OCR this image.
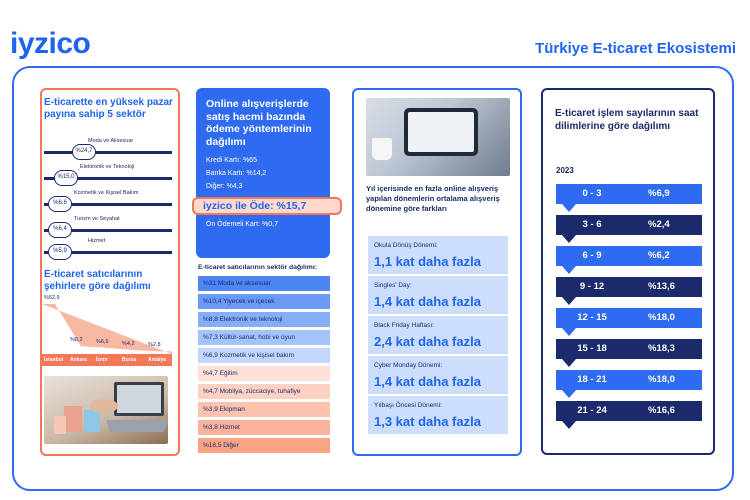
iyzico	Türkiye E-ticaret Ekosistemi
E-ticarette en yüksek pazar payına sahip 5 sektör
Moda ve Aksesuar
%24,7
Elektronik ve Teknoloji
%15,0
Kozmetik ve Kişisel Bakım
%6,6
Turizm ve Seyahat
%6,4
Hizmet
%5,9
E-ticaret satıcılarının şehirlere göre dağılımı
%52,9
İstanbul
%8,2
Ankara
%6,6
İzmir
%4,2
Bursa
%2,8
Antalya
Online alışverişlerde satış hacmi bazında ödeme yöntemlerinin dağılımı
Kredi Kartı: %65
Banka Kartı: %14,2
Diğer: %4,3
iyzico ile Öde: %15,7
Ön Ödemeli Kart: %0,7
E-ticaret satıcılarının sektör dağılımı:
%31 Moda ve aksesuar
%10,4 Yiyecek ve içecek
%8,8 Elektronik ve teknoloji
%7,3 Kültür-sanat, hobi ve oyun
%6,9 Kozmetik ve kişisel bakım
%4,7 Eğitim
%4,7 Mobilya, züccaciye, tuhafiye
%3,9 Ekipman
%3,8 Hizmet
%18,5 Diğer
Yıl içerisinde en fazla online alışveriş yapılan dönemlerin ortalama alışveriş dönemine göre farkları
Okula Dönüş Dönemi:
1,1 kat daha fazla
Singles' Day:
1,4 kat daha fazla
Black Friday Haftası:
2,4 kat daha fazla
Cyber Monday Dönemi:
1,4 kat daha fazla
Yılbaşı Öncesi Dönemi:
1,3 kat daha fazla
E-ticaret işlem sayılarının saat dilimlerine göre dağılımı
2023
0 - 3	%6,9
3 - 6	%2,4
6 - 9	%6,2
9 - 12	%13,6
12 - 15	%18,0
15 - 18	%18,3
18 - 21	%18,0
21 - 24	%16,6
